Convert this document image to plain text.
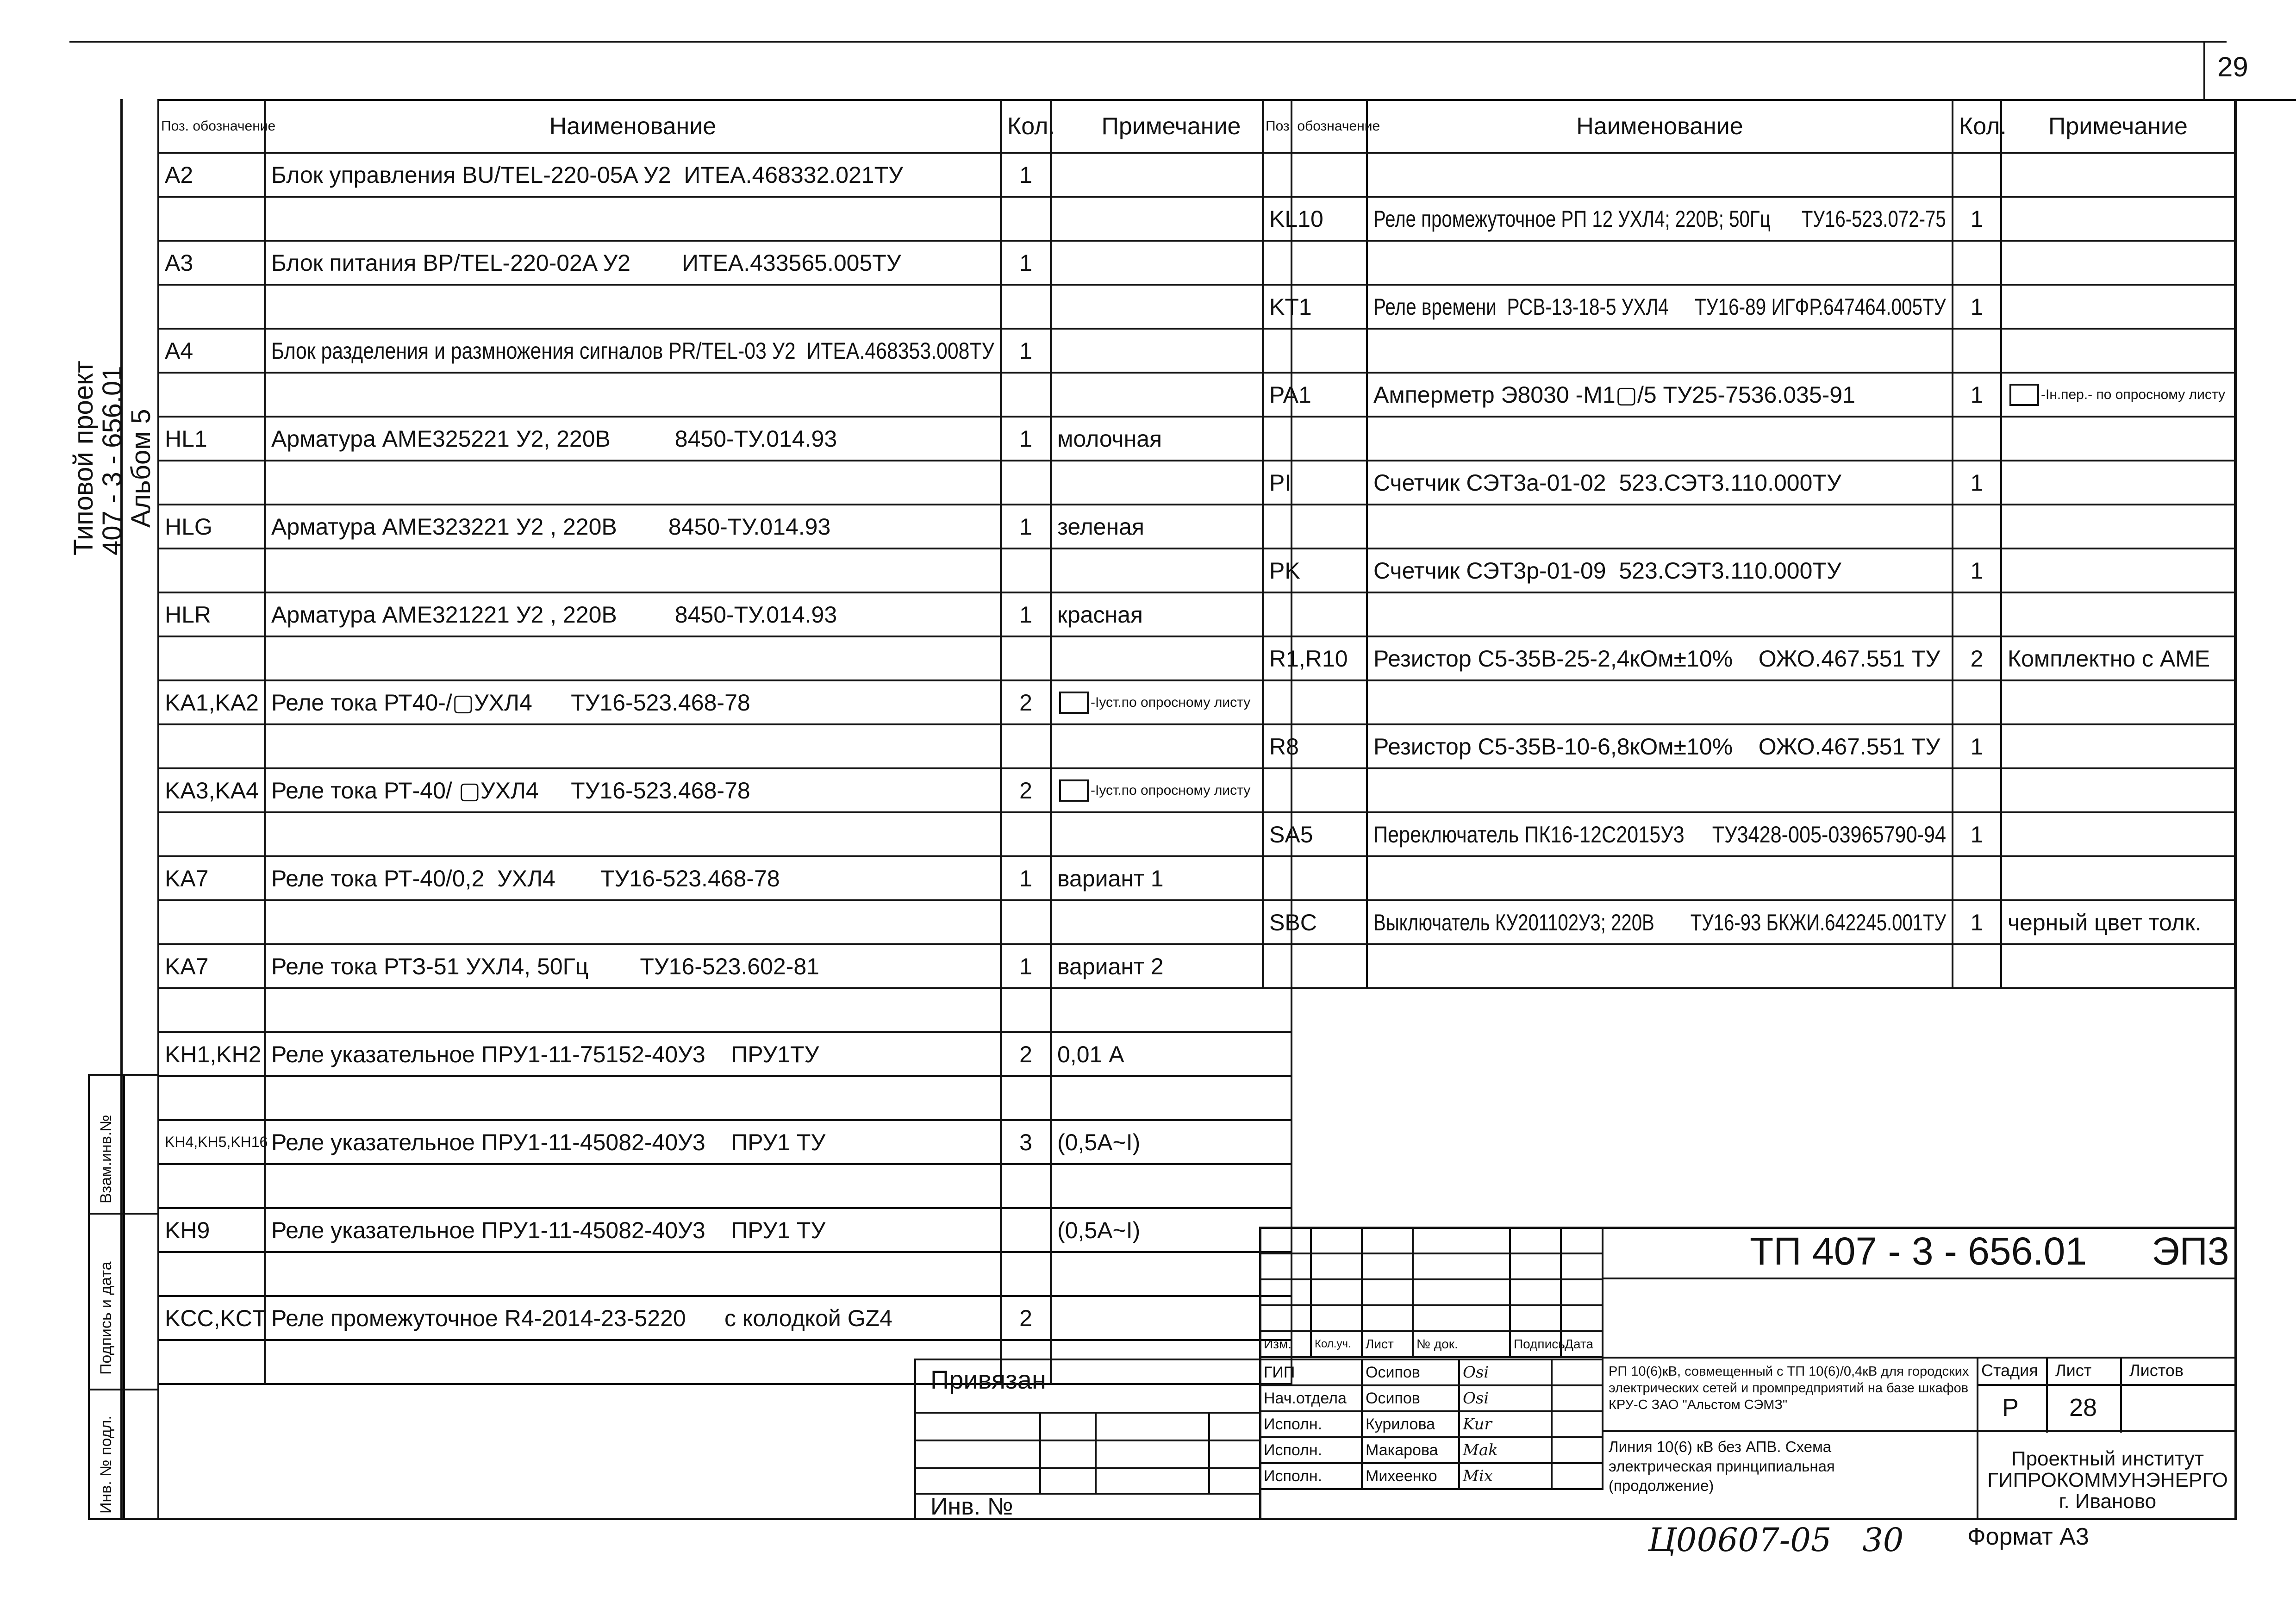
29
Типовой проект
407 - 3 - 656.01
Альбом 5
Взам.инв.№
Подпись и дата
Инв. № подл.
Поз. обозначение	Наименование	Кол.	Примечание
A2	Блок управления BU/TEL-220-05A У2  ИТЕА.468332.021ТУ	1	

A3	Блок питания BP/TEL-220-02A У2        ИТЕА.433565.005ТУ	1	

A4	Блок разделения и размножения сигналов PR/TEL-03 У2  ИТЕА.468353.008ТУ	1	

HL1	Арматура АМЕ325221 У2, 220В          8450-ТУ.014.93	1	молочная

HLG	Арматура АМЕ323221 У2 , 220В        8450-ТУ.014.93	1	зеленая

HLR	Арматура АМЕ321221 У2 , 220В         8450-ТУ.014.93	1	красная

KA1,KA2	Реле тока РТ40-/▢УХЛ4      ТУ16-523.468-78	2	-Iуст.по опросному листу

KA3,KA4	Реле тока РТ-40/ ▢УХЛ4     ТУ16-523.468-78	2	-Iуст.по опросному листу

KA7	Реле тока РТ-40/0,2  УХЛ4       ТУ16-523.468-78	1	вариант 1

KA7	Реле тока РТЗ-51 УХЛ4, 50Гц        ТУ16-523.602-81	1	вариант 2

KH1,KH2	Реле указательное ПРУ1-11-75152-40У3    ПРУ1ТУ	2	0,01 А

KH4,KH5,KH16	Реле указательное ПРУ1-11-45082-40У3    ПРУ1 ТУ	3	(0,5А~I)

KH9	Реле указательное ПРУ1-11-45082-40У3    ПРУ1 ТУ		(0,5А~I)

KCC,KCT	Реле промежуточное R4-2014-23-5220      с колодкой GZ4	2	

Поз. обозначение	Наименование	Кол.	Примечание

KL10	Реле промежуточное РП 12 УХЛ4; 220В; 50Гц      ТУ16-523.072-75	1	

KT1	Реле времени  РСВ-13-18-5 УХЛ4     ТУ16-89 ИГФР.647464.005ТУ	1	

PA1	Амперметр Э8030 -М1▢/5 ТУ25-7536.035-91	1	-Iн.пер.- по опросному листу

PI	Счетчик СЭТ3а-01-02  523.СЭТ3.110.000ТУ	1	

PK	Счетчик СЭТ3р-01-09  523.СЭТ3.110.000ТУ	1	

R1,R10	Резистор С5-35В-25-2,4кОм±10%    ОЖО.467.551 ТУ	2	Комплектно с АМЕ

R8	Резистор С5-35В-10-6,8кОм±10%    ОЖО.467.551 ТУ	1	

SA5	Переключатель ПК16-12С2015У3     ТУ3428-005-03965790-94	1	

SBC	Выключатель КУ201102У3; 220В       ТУ16-93 БКЖИ.642245.001ТУ	1	черный цвет толк.

Изм.	Кол.уч.	Лист	№ док.	Подпись	Дата
ГИП	Осипов	Osi	
Нач.отдела	Осипов	Osi	
Исполн.	Курилова	Kur	
Исполн.	Макарова	Mak	
Исполн.	Михеенко	Mix	
ТП 407 - 3 - 656.01      ЭП3
РП 10(6)кВ, совмещенный с ТП 10(6)/0,4кВ для городских электрических сетей и промпредприятий на базе шкафов КРУ-С ЗАО "Альстом СЭМЗ"
Линия 10(6) кВ без АПВ. Схема электрическая принципиальная (продолжение)
Стадия Лист Листов
Р 28
Проектный институт
ГИПРОКОММУНЭНЕРГО
г. Иваново
Привязан
Инв. №
Ц00607-05   30	Формат А3
